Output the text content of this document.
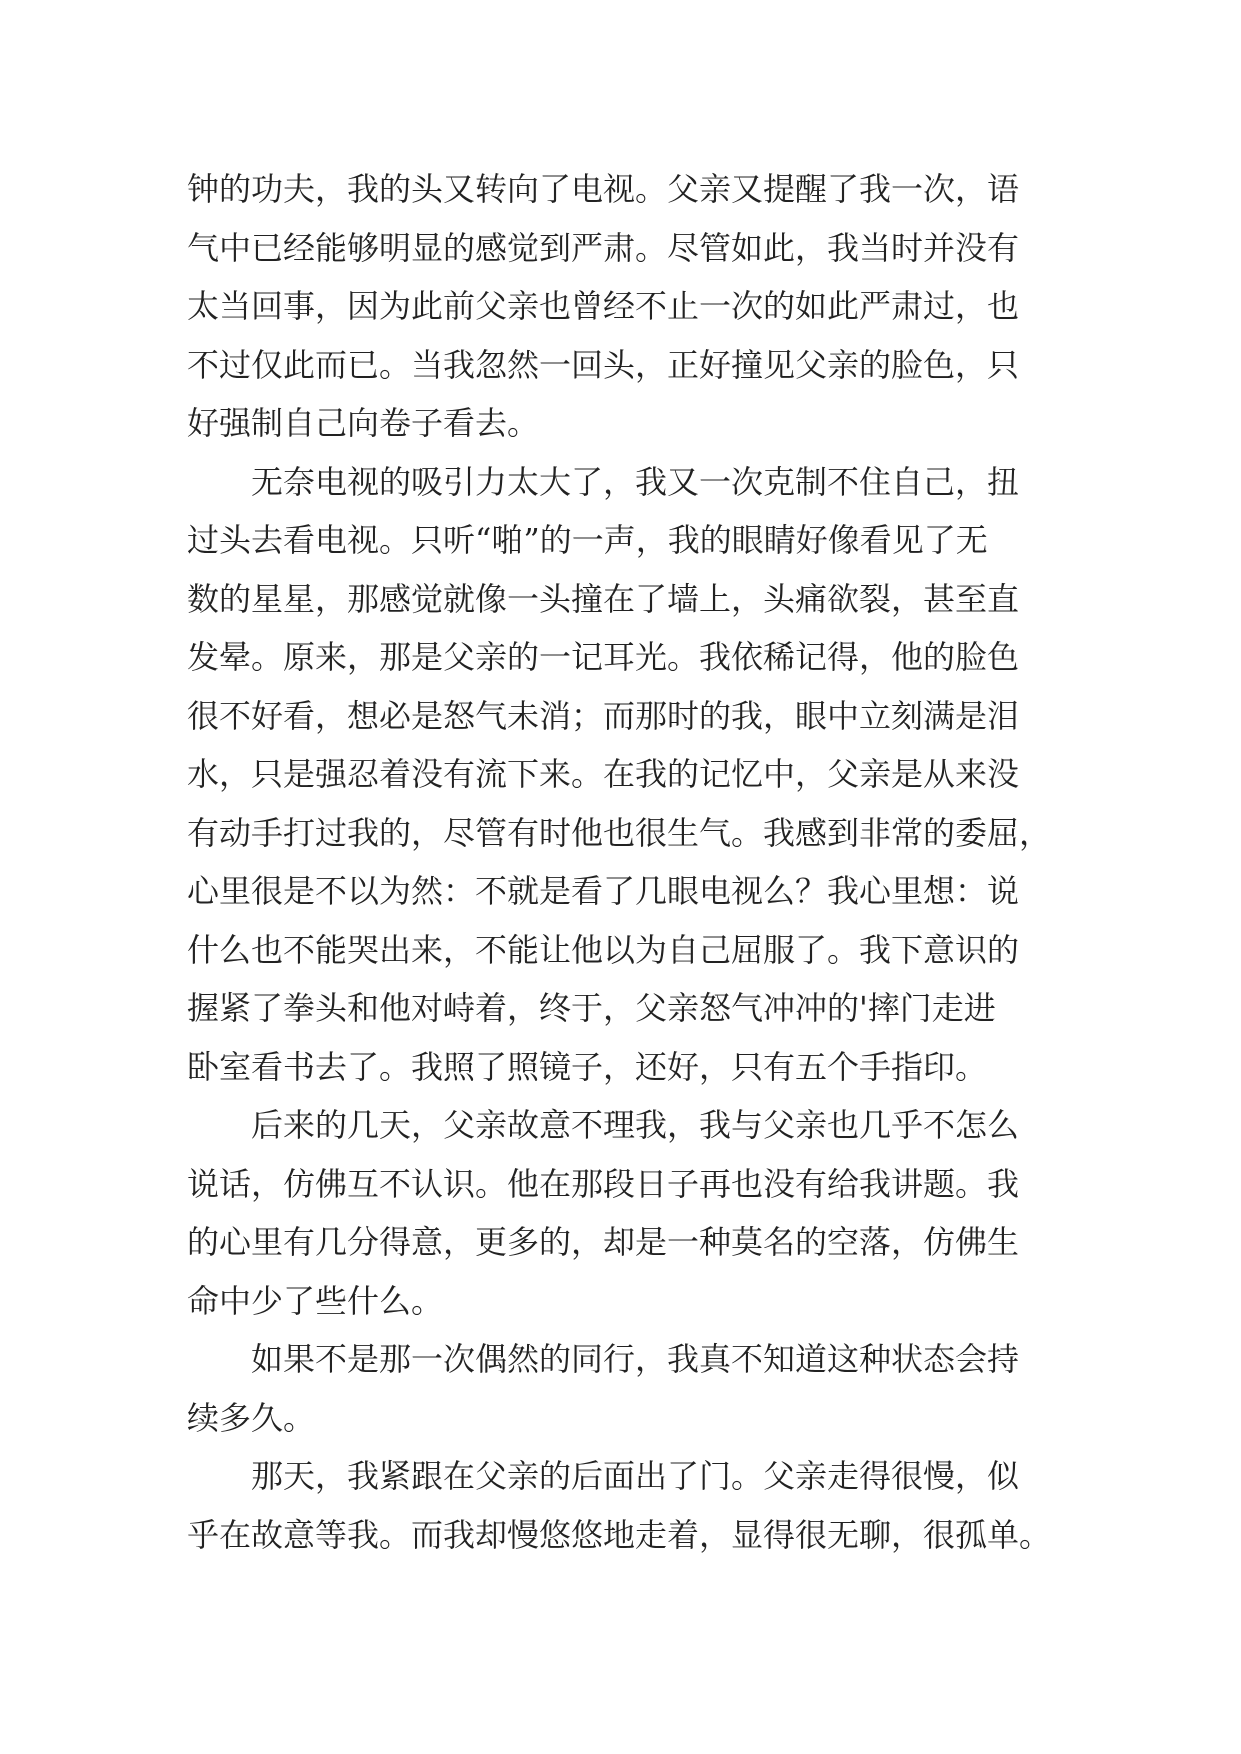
钟的功夫，我的头又转向了电视。父亲又提醒了我一次，语
气中已经能够明显的感觉到严肃。尽管如此，我当时并没有
太当回事，因为此前父亲也曾经不止一次的如此严肃过，也
不过仅此而已。当我忽然一回头，正好撞见父亲的脸色，只
好强制自己向卷子看去。
无奈电视的吸引力太大了，我又一次克制不住自己，扭
过头去看电视。只听“啪”的一声，我的眼睛好像看见了无
数的星星，那感觉就像一头撞在了墙上，头痛欲裂，甚至直
发晕。原来，那是父亲的一记耳光。我依稀记得，他的脸色
很不好看，想必是怒气未消；而那时的我，眼中立刻满是泪
水，只是强忍着没有流下来。在我的记忆中，父亲是从来没
有动手打过我的，尽管有时他也很生气。我感到非常的委屈，
心里很是不以为然：不就是看了几眼电视么？我心里想：说
什么也不能哭出来，不能让他以为自己屈服了。我下意识的
握紧了拳头和他对峙着，终于，父亲怒气冲冲的'摔门走进
卧室看书去了。我照了照镜子，还好，只有五个手指印。
后来的几天，父亲故意不理我，我与父亲也几乎不怎么
说话，仿佛互不认识。他在那段日子再也没有给我讲题。我
的心里有几分得意，更多的，却是一种莫名的空落，仿佛生
命中少了些什么。
如果不是那一次偶然的同行，我真不知道这种状态会持
续多久。
那天，我紧跟在父亲的后面出了门。父亲走得很慢，似
乎在故意等我。而我却慢悠悠地走着，显得很无聊，很孤单。
